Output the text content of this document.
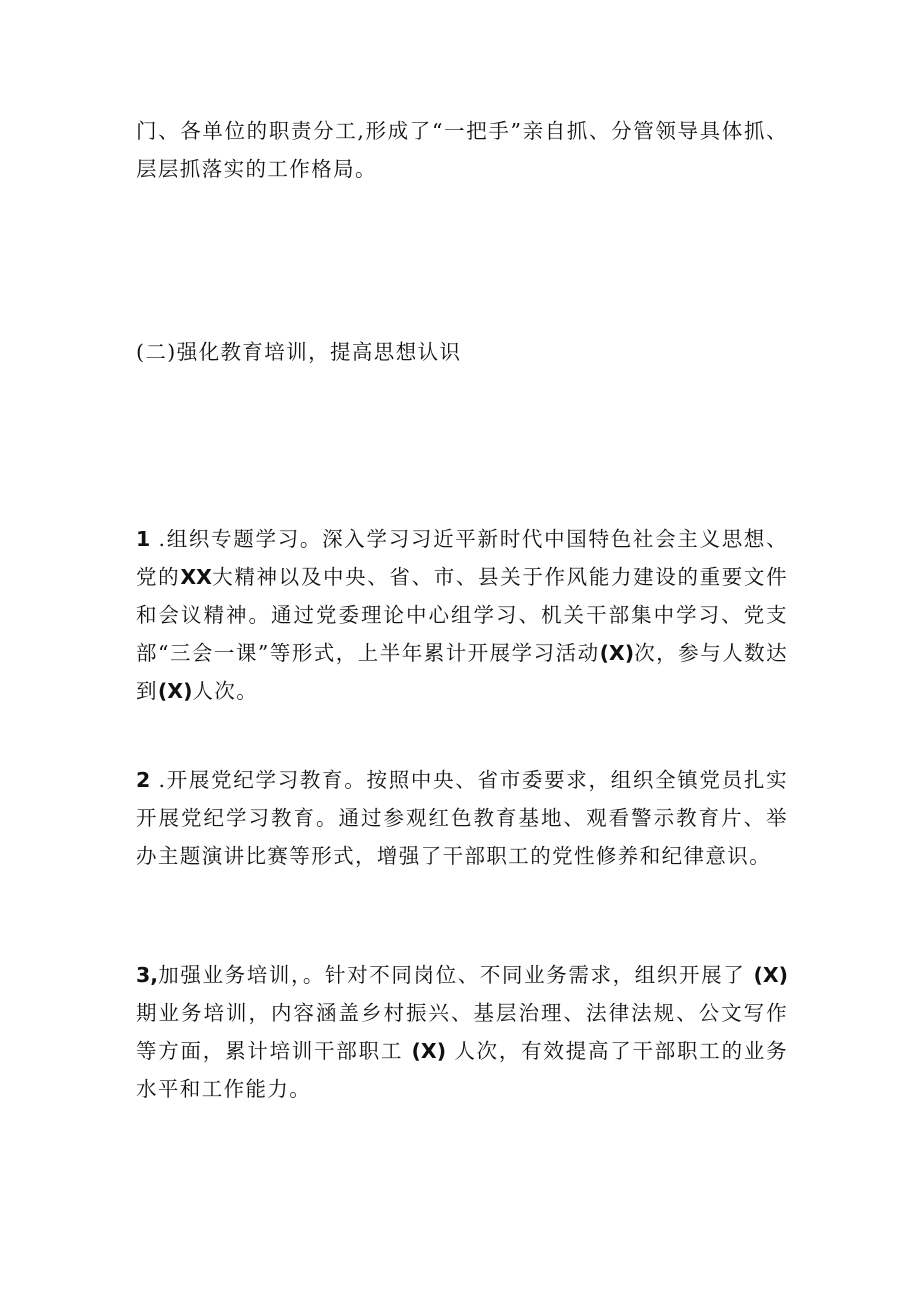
门、各单位的职责分工,形成了“一把手”亲自抓、分管领导具体抓、层层抓落实的工作格局。

(二)强化教育培训，提高思想认识

1 .组织专题学习。深入学习习近平新时代中国特色社会主义思想、党的XX大精神以及中央、省、市、县关于作风能力建设的重要文件和会议精神。通过党委理论中心组学习、机关干部集中学习、党支部“三会一课”等形式，上半年累计开展学习活动(X)次，参与人数达到(X)人次。

2 .开展党纪学习教育。按照中央、省市委要求，组织全镇党员扎实开展党纪学习教育。通过参观红色教育基地、观看警示教育片、举办主题演讲比赛等形式，增强了干部职工的党性修养和纪律意识。

3,加强业务培训，。针对不同岗位、不同业务需求，组织开展了 (X) 期业务培训，内容涵盖乡村振兴、基层治理、法律法规、公文写作等方面，累计培训干部职工 (X) 人次，有效提高了干部职工的业务水平和工作能力。
